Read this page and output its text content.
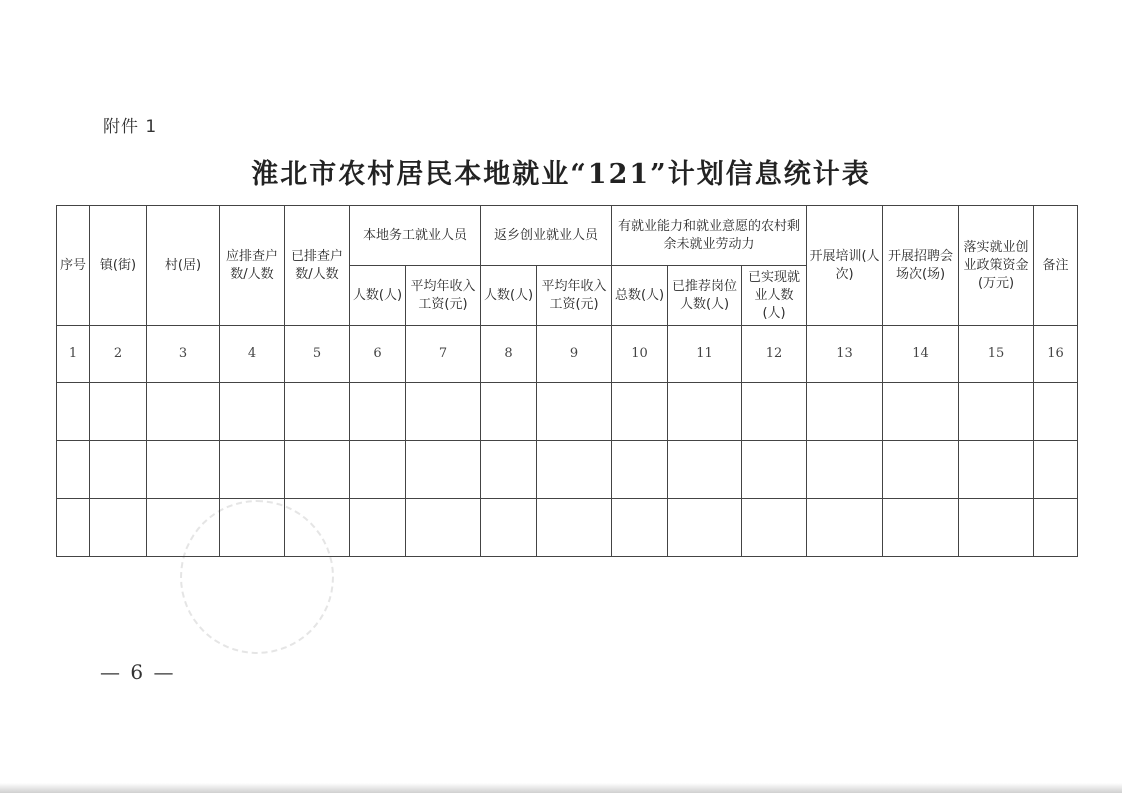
附件 1
淮北市农村居民本地就业“121”计划信息统计表
序号	镇(街)	村(居)	应排查户数/人数	已排查户数/人数	本地务工就业人员		返乡创业就业人员		有就业能力和就业意愿的农村剩余未就业劳动力			开展培训(人次)	开展招聘会场次(场)	落实就业创业政策资金(万元)	备注
					人数(人)	平均年收入工资(元)	人数(人)	平均年收入工资(元)	总数(人)	已推荐岗位人数(人)	已实现就业人数(人)				
1	2	3	4	5	6	7	8	9	10	11	12	13	14	15	16

— 6 —
